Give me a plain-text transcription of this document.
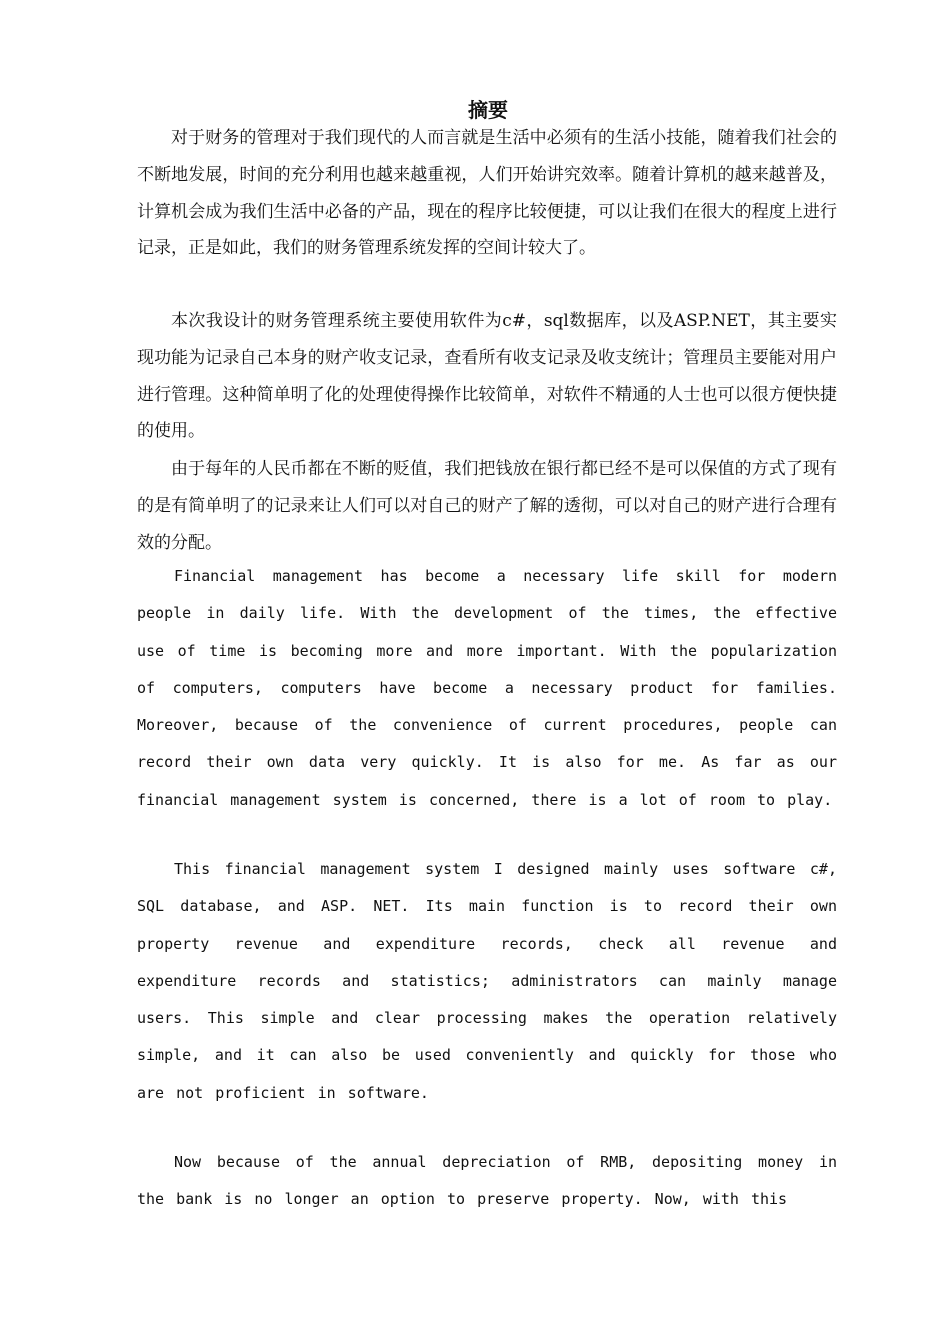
摘要

对于财务的管理对于我们现代的人而言就是生活中必须有的生活小技能，随着我们社会的不断地发展，时间的充分利用也越来越重视，人们开始讲究效率。随着计算机的越来越普及，计算机会成为我们生活中必备的产品，现在的程序比较便捷，可以让我们在很大的程度上进行记录，正是如此，我们的财务管理系统发挥的空间计较大了。

本次我设计的财务管理系统主要使用软件为c#，sql数据库，以及ASP.NET，其主要实现功能为记录自己本身的财产收支记录，查看所有收支记录及收支统计；管理员主要能对用户进行管理。这种简单明了化的处理使得操作比较简单，对软件不精通的人士也可以很方便快捷的使用。

由于每年的人民币都在不断的贬值，我们把钱放在银行都已经不是可以保值的方式了现有的是有简单明了的记录来让人们可以对自己的财产了解的透彻，可以对自己的财产进行合理有效的分配。

Financial management has become a necessary life skill for modern people in daily life. With the development of the times, the effective use of time is becoming more and more important. With the popularization of computers, computers have become a necessary product for families. Moreover, because of the convenience of current procedures, people can record their own data very quickly. It is also for me. As far as our financial management system is concerned, there is a lot of room to play.

This financial management system I designed mainly uses software c#, SQL database, and ASP. NET. Its main function is to record their own property revenue and expenditure records, check all revenue and expenditure records and statistics; administrators can mainly manage users. This simple and clear processing makes the operation relatively simple, and it can also be used conveniently and quickly for those who are not proficient in software.

Now because of the annual depreciation of RMB, depositing money in the bank is no longer an option to preserve property. Now, with this
